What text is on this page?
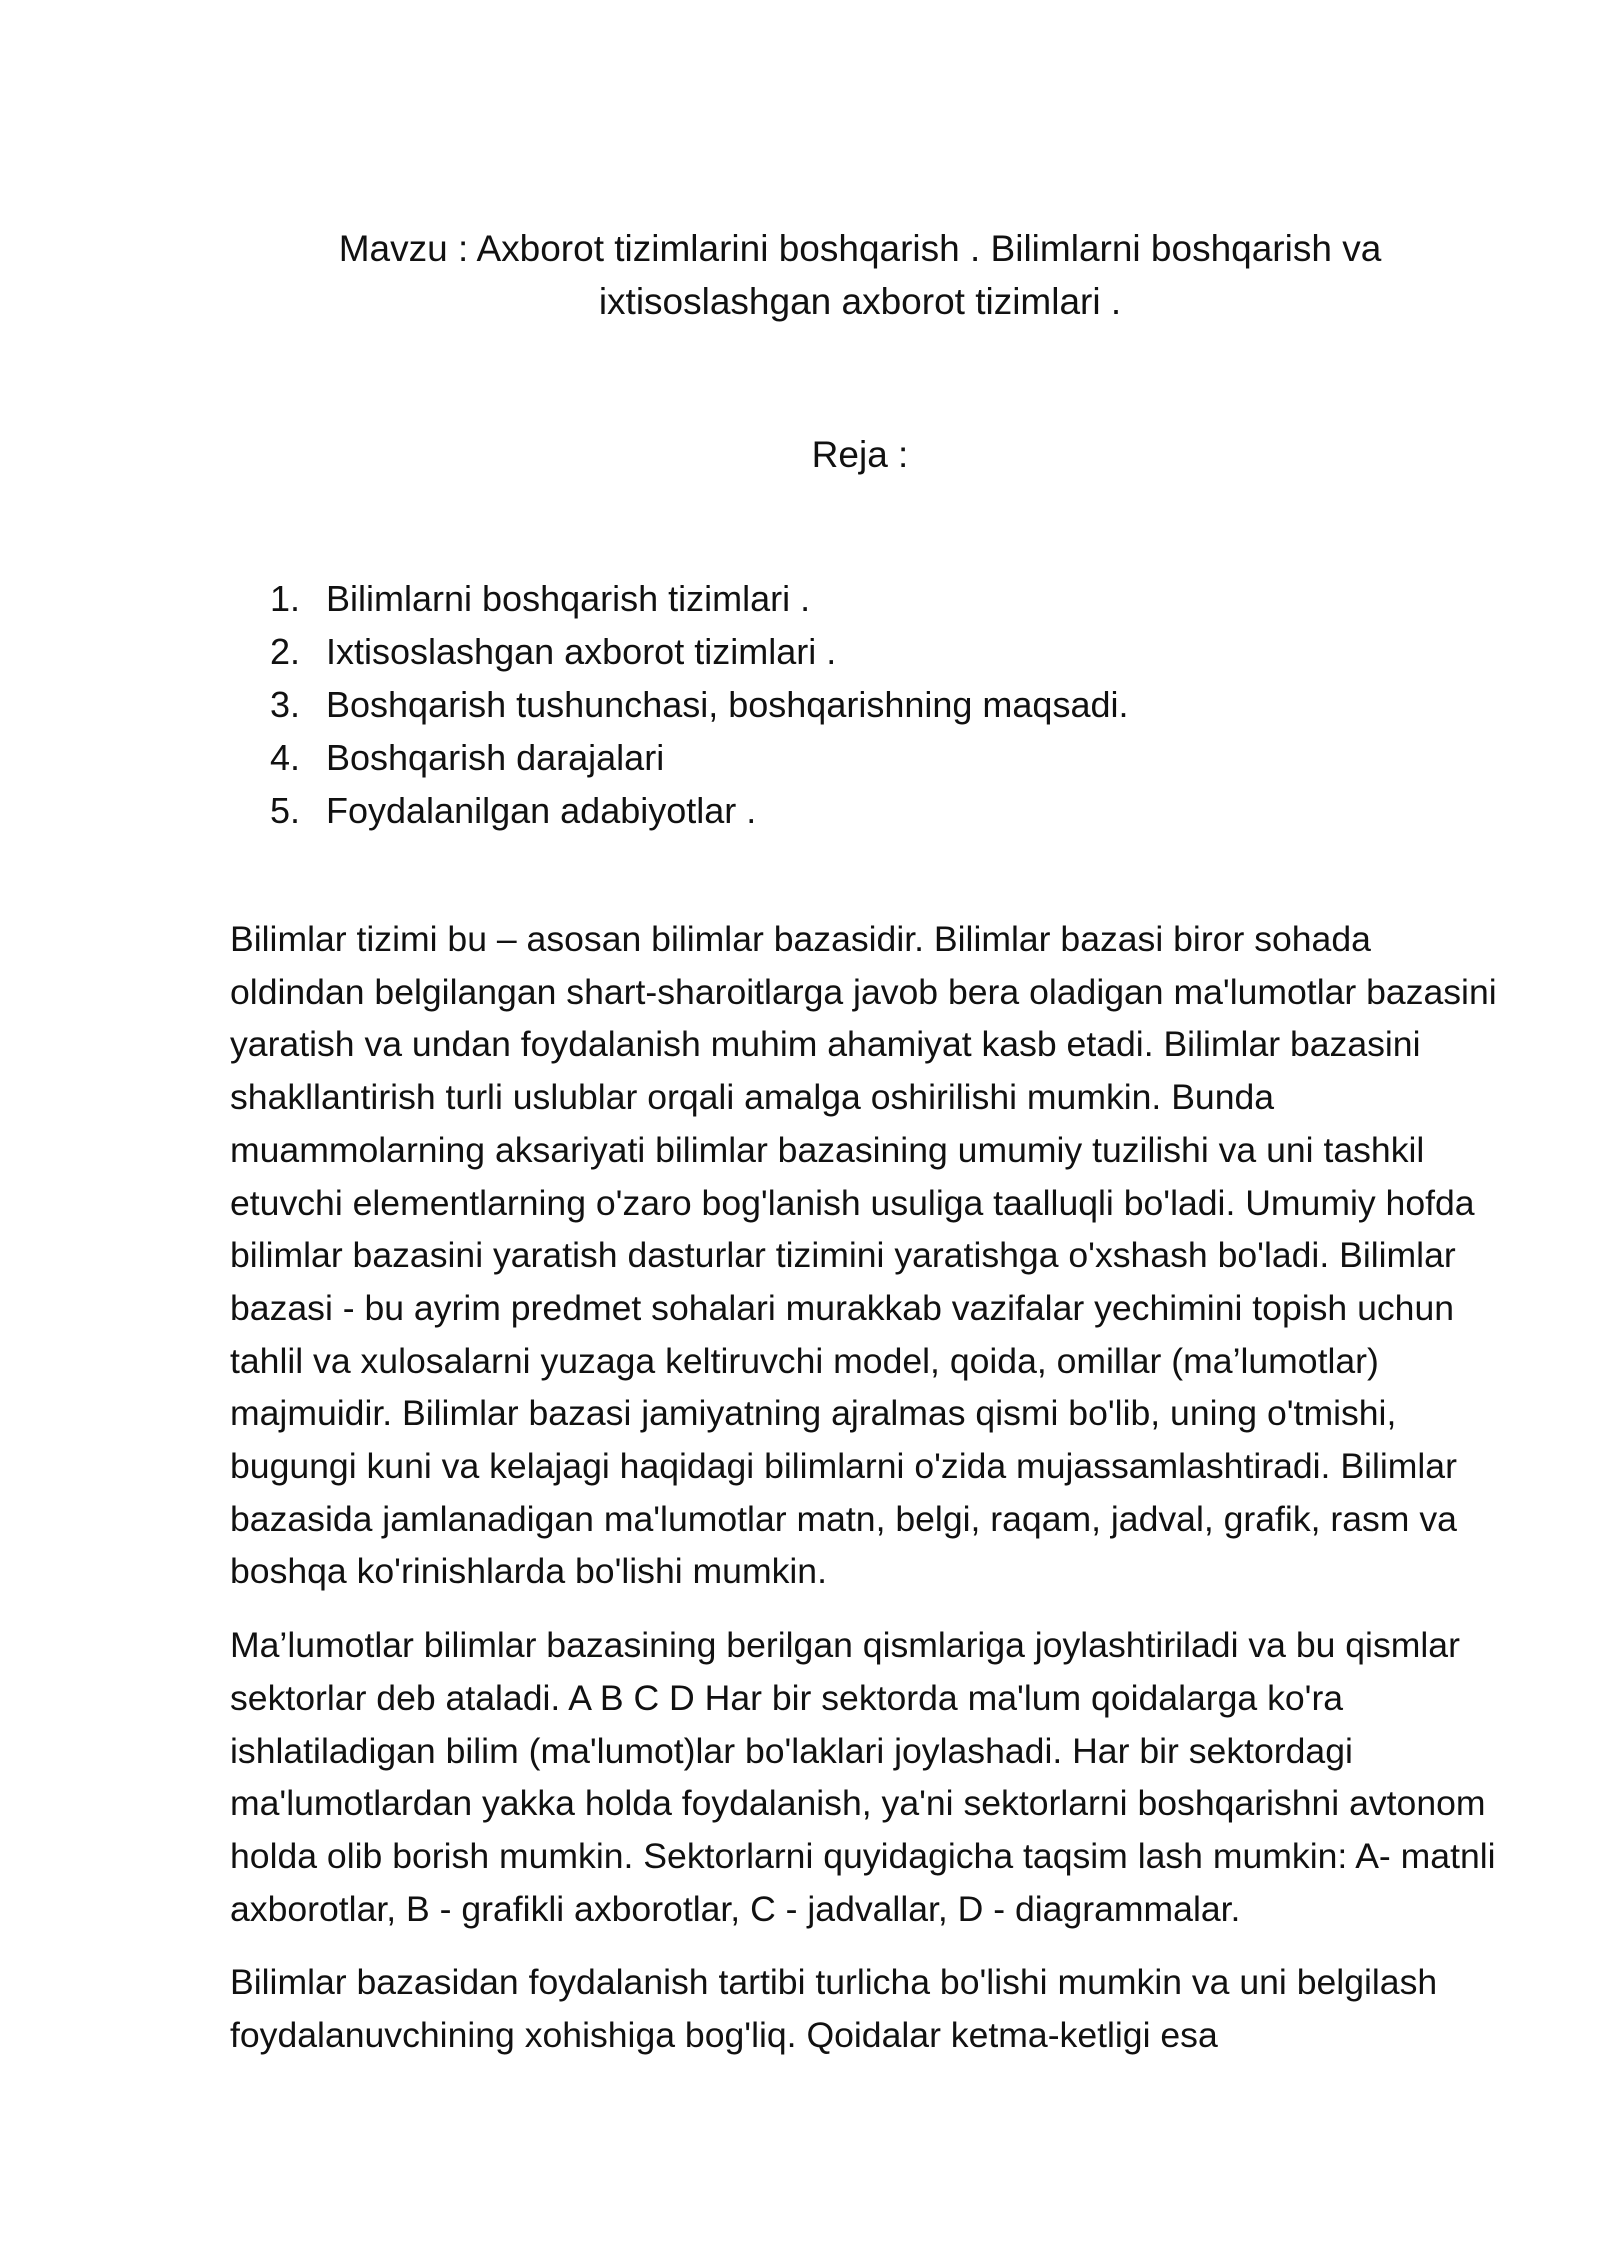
Mavzu : Axborot tizimlarini boshqarish . Bilimlarni boshqarish va
ixtisoslashgan axborot tizimlari .
Reja :
1. Bilimlarni boshqarish tizimlari .
2. Ixtisoslashgan axborot tizimlari .
3. Boshqarish tushunchasi, boshqarishning maqsadi.
4. Boshqarish darajalari
5. Foydalanilgan adabiyotlar .

Bilimlar tizimi bu – asosan bilimlar bazasidir. Bilimlar bazasi biror sohada oldindan belgilangan shart-sharoitlarga javob bera oladigan ma'lumotlar bazasini yaratish va undan foydalanish muhim ahamiyat kasb etadi. Bilimlar bazasini shakllantirish turli uslublar orqali amalga oshirilishi mumkin. Bunda muammolarning aksariyati bilimlar bazasining umumiy tuzilishi va uni tashkil etuvchi elementlarning o'zaro bog'lanish usuliga taalluqli bo'ladi. Umumiy hofda bilimlar bazasini yaratish dasturlar tizimini yaratishga o'xshash bo'ladi. Bilimlar bazasi - bu ayrim predmet sohalari murakkab vazifalar yechimini topish uchun tahlil va xulosalarni yuzaga keltiruvchi model, qoida, omillar (ma’lumotlar) majmuidir. Bilimlar bazasi jamiyatning ajralmas qismi bo'lib, uning o'tmishi, bugungi kuni va kelajagi haqidagi bilimlarni o'zida mujassamlashtiradi. Bilimlar bazasida jamlanadigan ma'lumotlar matn, belgi, raqam, jadval, grafik, rasm va boshqa ko'rinishlarda bo'lishi mumkin.

Ma’lumotlar bilimlar bazasining berilgan qismlariga joylashtiriladi va bu qismlar sektorlar deb ataladi. A B C D Har bir sektorda ma'lum qoidalarga ko'ra ishlatiladigan bilim (ma'lumot)lar bo'laklari joylashadi. Har bir sektordagi ma'lumotlardan yakka holda foydalanish, ya'ni sektorlarni boshqarishni avtonom holda olib borish mumkin. Sektorlarni quyidagicha taqsim lash mumkin: A- matnli axborotlar, B - grafikli axborotlar, C - jadvallar, D - diagrammalar.

Bilimlar bazasidan foydalanish tartibi turlicha bo'lishi mumkin va uni belgilash foydalanuvchining xohishiga bog'liq. Qoidalar ketma-ketligi esa
